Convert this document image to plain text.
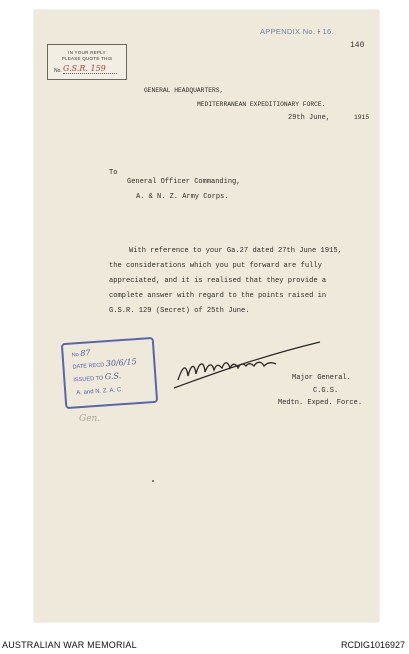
IN YOUR REPLY
PLEASE QUOTE THIS
No. G.S.R. 159
APPENDIX No. I 16.
140
GENERAL HEADQUARTERS,
MEDITERRANEAN EXPEDITIONARY FORCE.
29th June,	1915
To
General Officer Commanding,
A. & N. Z. Army Corps.
With reference to your Ga.27 dated 27th June 1915,
the considerations which you put forward are fully
appreciated, and it is realised that they provide a
complete answer with regard to the points raised in
G.S.R. 129 (Secret) of 25th June.
No 87
DATE RECD 30/6/15
ISSUED TO G.S.
A. and N. Z. A. C.
Major General.
C.G.S.
Medtn. Exped. Force.
Gen.
AUSTRALIAN WAR MEMORIAL	RCDIG1016927
